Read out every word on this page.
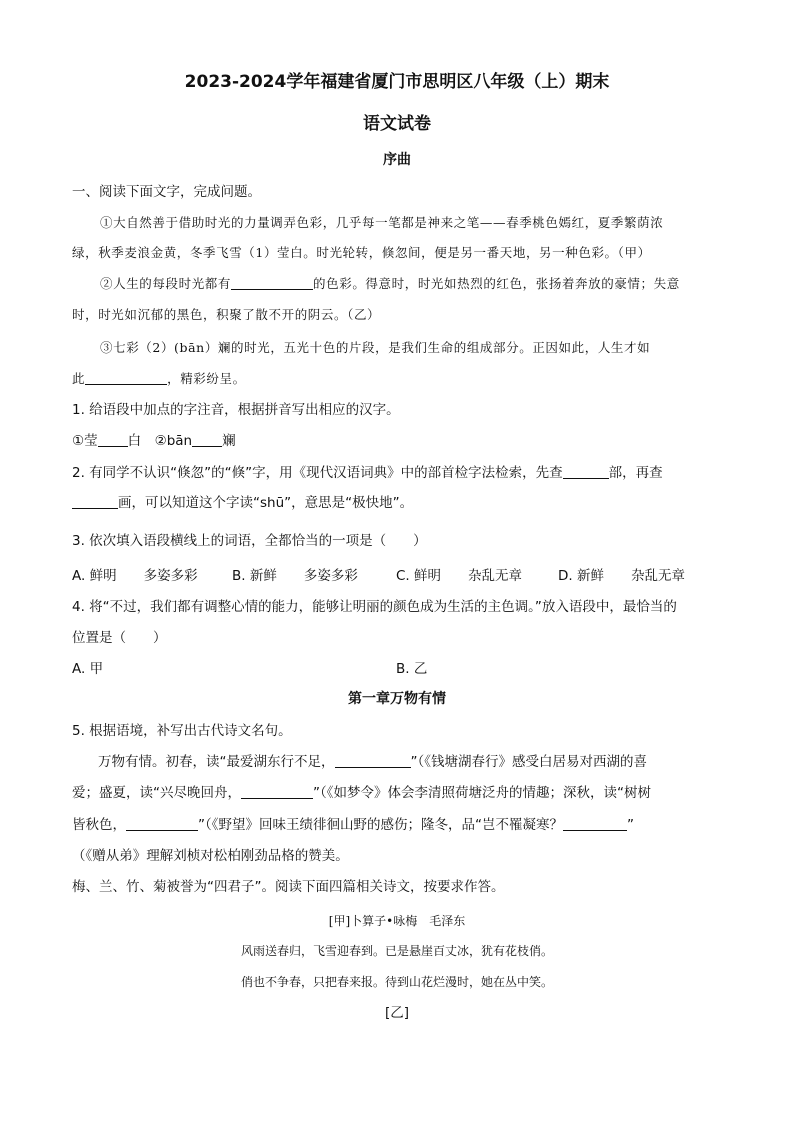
2023-2024学年福建省厦门市思明区八年级（上）期末
语文试卷
序曲
一、阅读下面文字，完成问题。
①大自然善于借助时光的力量调弄色彩，几乎每一笔都是神来之笔——春季桃色嫣红，夏季繁荫浓
绿，秋季麦浪金黄，冬季飞雪（1）莹白。时光轮转，倏忽间，便是另一番天地，另一种色彩。（甲）
②人生的每段时光都有	的色彩。得意时，时光如热烈的红色，张扬着奔放的豪情；失意
时，时光如沉郁的黑色，积聚了散不开的阴云。（乙）
③七彩（2）(bān）斓的时光，五光十色的片段，是我们生命的组成部分。正因如此，人生才如
此	，精彩纷呈。
1. 给语段中加点的字注音，根据拼音写出相应的汉字。
①莹 白　②bān 斓
2. 有同学不认识“倏忽”的“倏”字，用《现代汉语词典》中的部首检字法检索，先查	部，再查
画，可以知道这个字读“shū”，意思是“极快地”。
3. 依次填入语段横线上的词语，全都恰当的一项是（　　）
A. 鲜明　　多姿多彩	B. 新鲜　　多姿多彩	C. 鲜明　　杂乱无章	D. 新鲜　　杂乱无章
4. 将“不过，我们都有调整心情的能力，能够让明丽的颜色成为生活的主色调。”放入语段中，最恰当的
位置是（　　）
A. 甲	B. 乙
第一章万物有情
5. 根据语境，补写出古代诗文名句。
万物有情。初春，读“最爱湖东行不足，	”（《钱塘湖春行》感受白居易对西湖的喜
爱；盛夏，读“兴尽晚回舟，	”（《如梦令》体会李清照荷塘泛舟的情趣；深秋，读“树树
皆秋色，	”（《野望》回味王绩徘徊山野的感伤；隆冬，品“岂不罹凝寒？	”
（《赠从弟》理解刘桢对松柏刚劲品格的赞美。
梅、兰、竹、菊被誉为“四君子”。阅读下面四篇相关诗文，按要求作答。
[甲]卜算子•咏梅　毛泽东
风雨送春归，飞雪迎春到。已是悬崖百丈冰，犹有花枝俏。
俏也不争春，只把春来报。待到山花烂漫时，她在丛中笑。
[乙]
